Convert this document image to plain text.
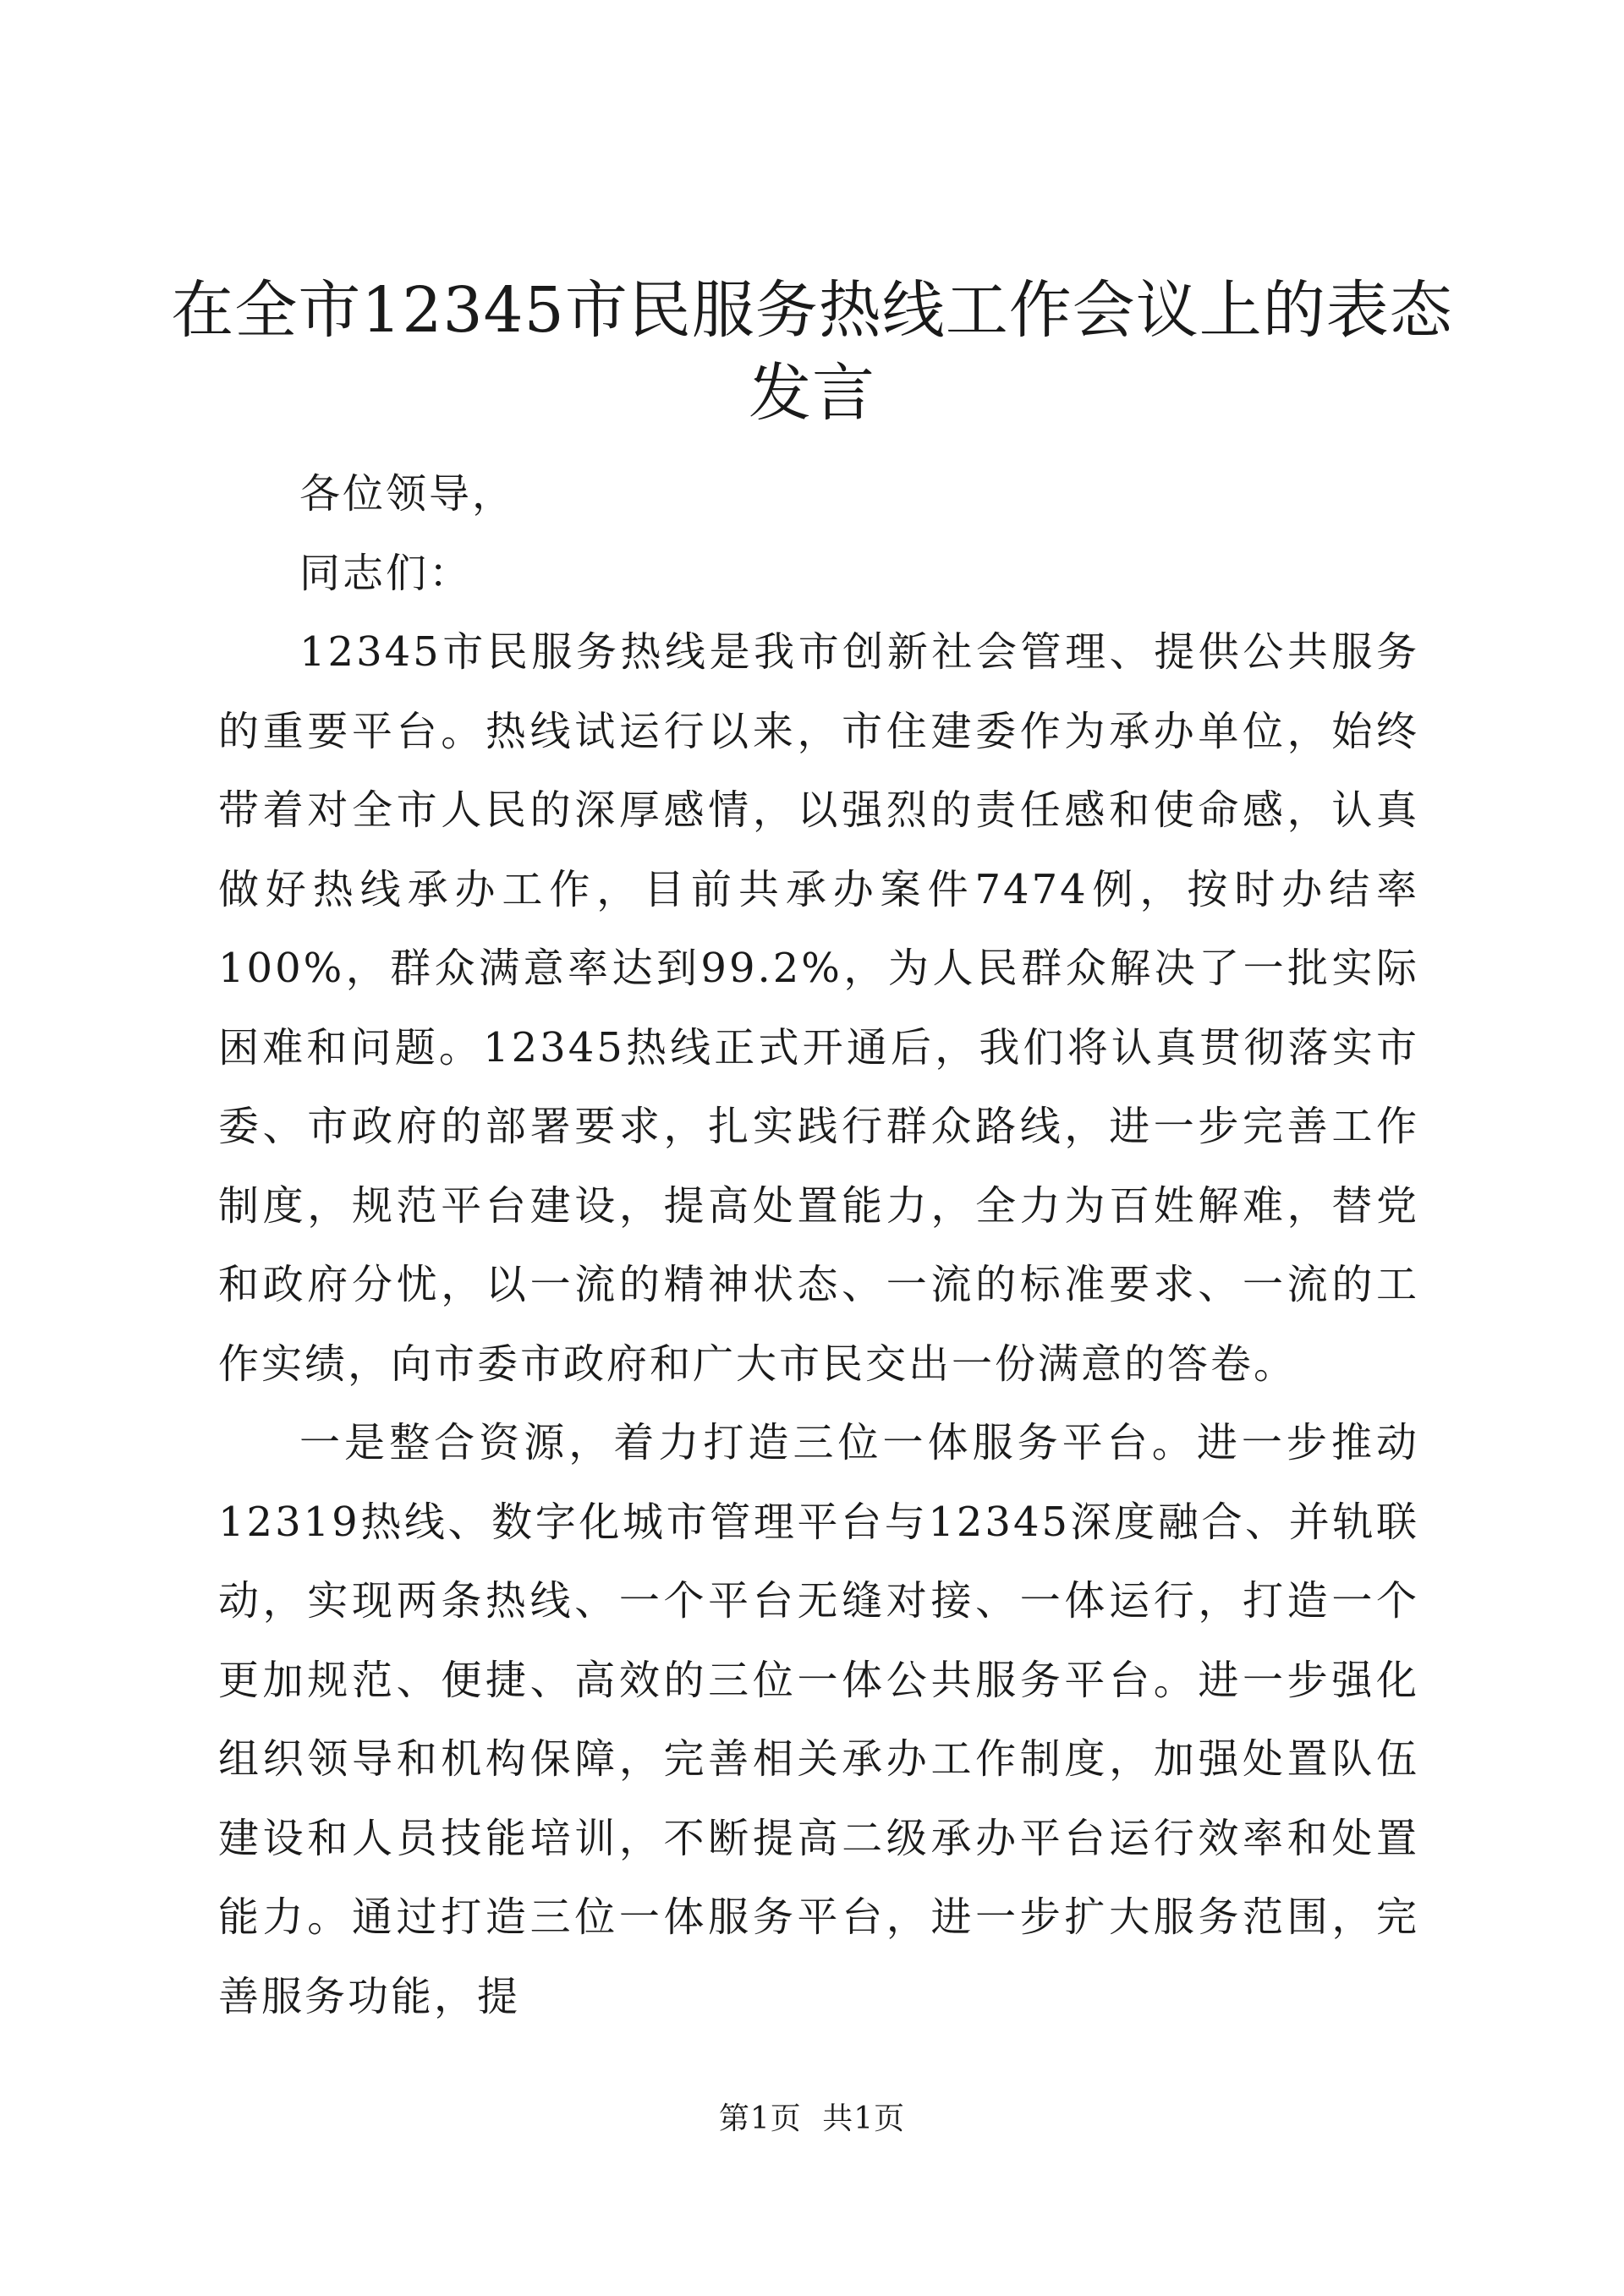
在全市12345市民服务热线工作会议上的表态发言

各位领导，

同志们：

12345市民服务热线是我市创新社会管理、提供公共服务的重要平台。热线试运行以来，市住建委作为承办单位，始终带着对全市人民的深厚感情，以强烈的责任感和使命感，认真做好热线承办工作，目前共承办案件7474例，按时办结率100%，群众满意率达到99.2%，为人民群众解决了一批实际困难和问题。12345热线正式开通后，我们将认真贯彻落实市委、市政府的部署要求，扎实践行群众路线，进一步完善工作制度，规范平台建设，提高处置能力，全力为百姓解难，替党和政府分忧，以一流的精神状态、一流的标准要求、一流的工作实绩，向市委市政府和广大市民交出一份满意的答卷。

一是整合资源，着力打造三位一体服务平台。进一步推动12319热线、数字化城市管理平台与12345深度融合、并轨联动，实现两条热线、一个平台无缝对接、一体运行，打造一个更加规范、便捷、高效的三位一体公共服务平台。进一步强化组织领导和机构保障，完善相关承办工作制度，加强处置队伍建设和人员技能培训，不断提高二级承办平台运行效率和处置能力。通过打造三位一体服务平台，进一步扩大服务范围，完善服务功能，提

第1页 共1页
